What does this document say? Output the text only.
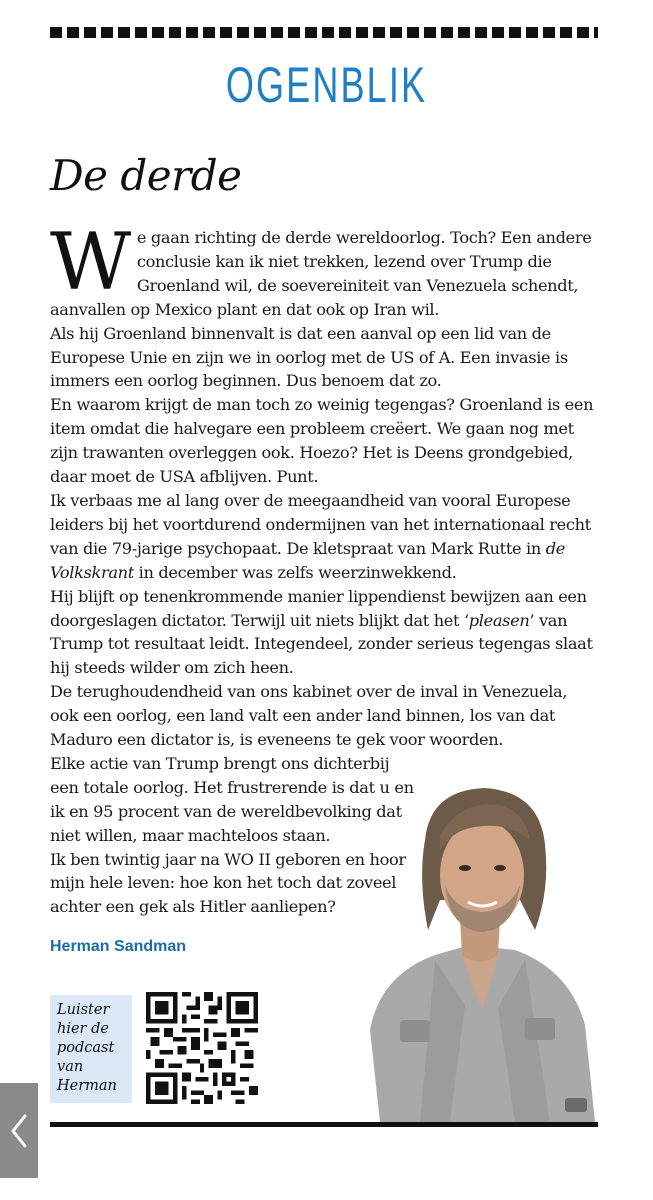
OGENBLIK
De derde

We gaan richting de derde wereldoorlog. Toch? Een andere conclusie kan ik niet trekken, lezend over Trump die Groenland wil, de soevereiniteit van Venezuela schendt, aanvallen op Mexico plant en dat ook op Iran wil.

Als hij Groenland binnenvalt is dat een aanval op een lid van de Europese Unie en zijn we in oorlog met de US of A. Een invasie is immers een oorlog beginnen. Dus benoem dat zo.

En waarom krijgt de man toch zo weinig tegengas? Groenland is een item omdat die halvegare een probleem creëert. We gaan nog met zijn trawanten overleggen ook. Hoezo? Het is Deens grondgebied, daar moet de USA afblijven. Punt.

Ik verbaas me al lang over de meegaandheid van vooral Europese leiders bij het voortdurend ondermijnen van het internationaal recht van die 79-jarige psychopaat. De kletspraat van Mark Rutte in de Volkskrant in december was zelfs weerzinwekkend.

Hij blijft op tenenkrommende manier lippendienst bewijzen aan een doorgeslagen dictator. Terwijl uit niets blijkt dat het ‘pleasen’ van Trump tot resultaat leidt. Integendeel, zonder serieus tegengas slaat hij steeds wilder om zich heen.

De terughoudendheid van ons kabinet over de inval in Venezuela, ook een oorlog, een land valt een ander land binnen, los van dat Maduro een dictator is, is eveneens te gek voor woorden.

Elke actie van Trump brengt ons dichterbij een totale oorlog. Het frustrerende is dat u en ik en 95 procent van de wereldbevolking dat niet willen, maar machteloos staan.

Ik ben twintig jaar na WO II geboren en hoor mijn hele leven: hoe kon het toch dat zoveel achter een gek als Hitler aanliepen?

Herman Sandman
Luister
hier de
podcast
van
Herman
